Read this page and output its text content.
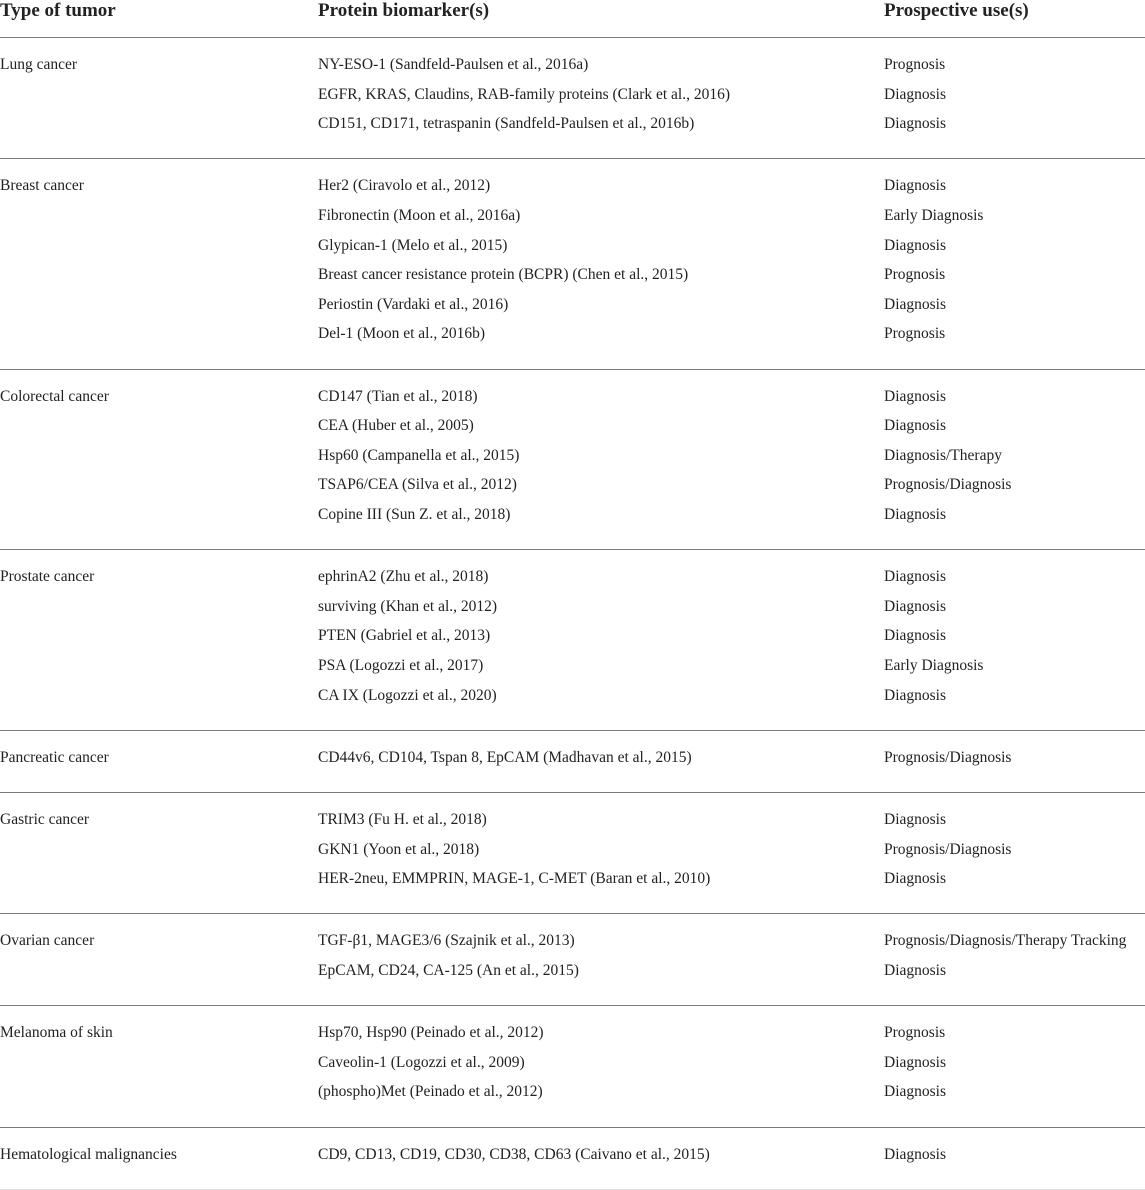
Type of tumor	Protein biomarker(s)	Prospective use(s)
Lung cancer	NY-ESO-1 (Sandfeld-Paulsen et al., 2016a)	Prognosis
EGFR, KRAS, Claudins, RAB-family proteins (Clark et al., 2016)	Diagnosis
CD151, CD171, tetraspanin (Sandfeld-Paulsen et al., 2016b)	Diagnosis
Breast cancer	Her2 (Ciravolo et al., 2012)	Diagnosis
Fibronectin (Moon et al., 2016a)	Early Diagnosis
Glypican-1 (Melo et al., 2015)	Diagnosis
Breast cancer resistance protein (BCPR) (Chen et al., 2015)	Prognosis
Periostin (Vardaki et al., 2016)	Diagnosis
Del-1 (Moon et al., 2016b)	Prognosis
Colorectal cancer	CD147 (Tian et al., 2018)	Diagnosis
CEA (Huber et al., 2005)	Diagnosis
Hsp60 (Campanella et al., 2015)	Diagnosis/Therapy
TSAP6/CEA (Silva et al., 2012)	Prognosis/Diagnosis
Copine III (Sun Z. et al., 2018)	Diagnosis
Prostate cancer	ephrinA2 (Zhu et al., 2018)	Diagnosis
surviving (Khan et al., 2012)	Diagnosis
PTEN (Gabriel et al., 2013)	Diagnosis
PSA (Logozzi et al., 2017)	Early Diagnosis
CA IX (Logozzi et al., 2020)	Diagnosis
Pancreatic cancer	CD44v6, CD104, Tspan 8, EpCAM (Madhavan et al., 2015)	Prognosis/Diagnosis
Gastric cancer	TRIM3 (Fu H. et al., 2018)	Diagnosis
GKN1 (Yoon et al., 2018)	Prognosis/Diagnosis
HER-2neu, EMMPRIN, MAGE-1, C-MET (Baran et al., 2010)	Diagnosis
Ovarian cancer	TGF-β1, MAGE3/6 (Szajnik et al., 2013)	Prognosis/Diagnosis/Therapy Tracking
EpCAM, CD24, CA-125 (An et al., 2015)	Diagnosis
Melanoma of skin	Hsp70, Hsp90 (Peinado et al., 2012)	Prognosis
Caveolin-1 (Logozzi et al., 2009)	Diagnosis
(phospho)Met (Peinado et al., 2012)	Diagnosis
Hematological malignancies	CD9, CD13, CD19, CD30, CD38, CD63 (Caivano et al., 2015)	Diagnosis
